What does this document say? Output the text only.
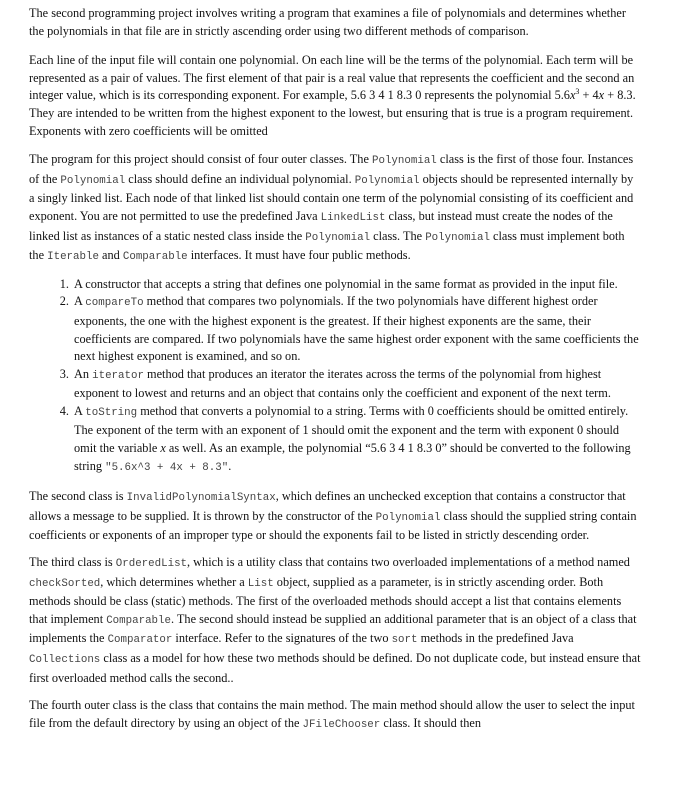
The second programming project involves writing a program that examines a file of polynomials and determines whether the polynomials in that file are in strictly ascending order using two different methods of comparison.

Each line of the input file will contain one polynomial. On each line will be the terms of the polynomial. Each term will be represented as a pair of values. The first element of that pair is a real value that represents the coefficient and the second an integer value, which is its corresponding exponent. For example, 5.6 3 4 1 8.3 0 represents the polynomial $5.6x^3 + 4x + 8.3$. They are intended to be written from the highest exponent to the lowest, but ensuring that is true is a program requirement. Exponents with zero coefficients will be omitted

The program for this project should consist of four outer classes. The Polynomial class is the first of those four. Instances of the Polynomial class should define an individual polynomial. Polynomial objects should be represented internally by a singly linked list. Each node of that linked list should contain one term of the polynomial consisting of its coefficient and exponent. You are not permitted to use the predefined Java LinkedList class, but instead must create the nodes of the linked list as instances of a static nested class inside the Polynomial class. The Polynomial class must implement both the Iterable and Comparable interfaces. It must have four public methods.

1. A constructor that accepts a string that defines one polynomial in the same format as provided in the input file.
2. A compareTo method that compares two polynomials. If the two polynomials have different highest order exponents, the one with the highest exponent is the greatest. If their highest exponents are the same, their coefficients are compared. If two polynomials have the same highest order exponent with the same coefficients the next highest exponent is examined, and so on.
3. An iterator method that produces an iterator the iterates across the terms of the polynomial from highest exponent to lowest and returns and an object that contains only the coefficient and exponent of the next term.
4. A toString method that converts a polynomial to a string. Terms with 0 coefficients should be omitted entirely. The exponent of the term with an exponent of 1 should omit the exponent and the term with exponent 0 should omit the variable x as well. As an example, the polynomial “5.6 3 4 1 8.3 0” should be converted to the following string "5.6x^3 + 4x + 8.3".

The second class is InvalidPolynomialSyntax, which defines an unchecked exception that contains a constructor that allows a message to be supplied. It is thrown by the constructor of the Polynomial class should the supplied string contain coefficients or exponents of an improper type or should the exponents fail to be listed in strictly descending order.

The third class is OrderedList, which is a utility class that contains two overloaded implementations of a method named checkSorted, which determines whether a List object, supplied as a parameter, is in strictly ascending order. Both methods should be class (static) methods. The first of the overloaded methods should accept a list that contains elements that implement Comparable. The second should instead be supplied an additional parameter that is an object of a class that implements the Comparator interface. Refer to the signatures of the two sort methods in the predefined Java Collections class as a model for how these two methods should be defined. Do not duplicate code, but instead ensure that first overloaded method calls the second..

The fourth outer class is the class that contains the main method. The main method should allow the user to select the input file from the default directory by using an object of the JFileChooser class. It should then
